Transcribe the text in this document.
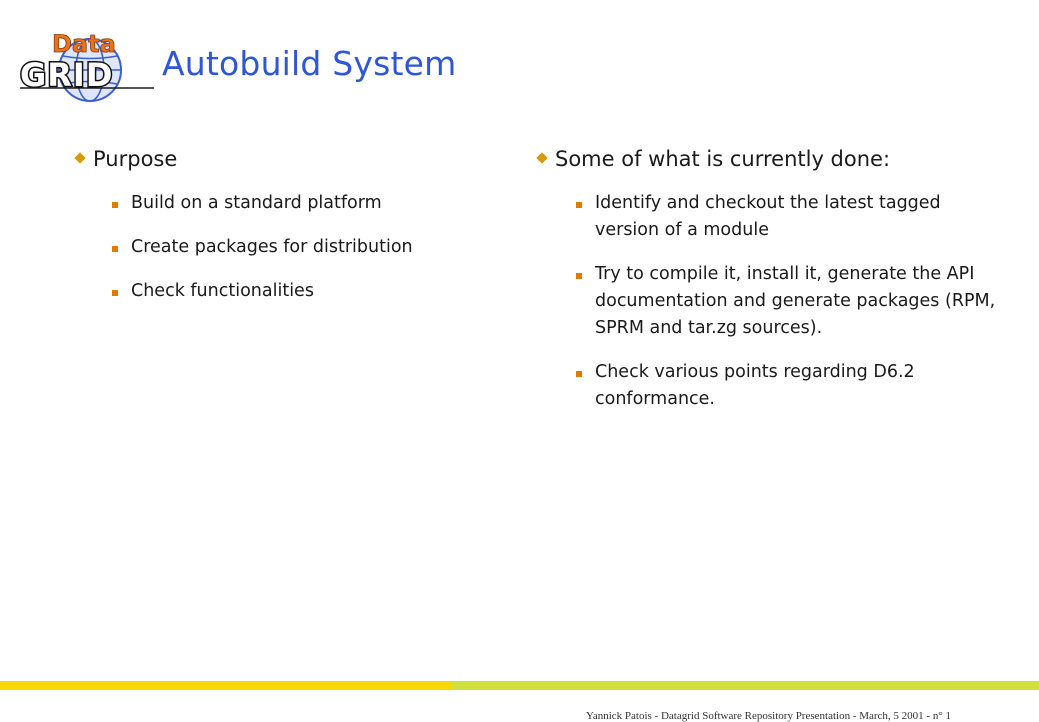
Data
GRID Autobuild System
Purpose
Build on a standard platform
Create packages for distribution
Check functionalities
Some of what is currently done:
Identify and checkout the latest tagged version of a module
Try to compile it, install it, generate the API documentation and generate packages (RPM, SPRM and tar.zg sources).
Check various points regarding D6.2 conformance.
Yannick Patois - Datagrid Software Repository Presentation - March, 5 2001 - n° 1
